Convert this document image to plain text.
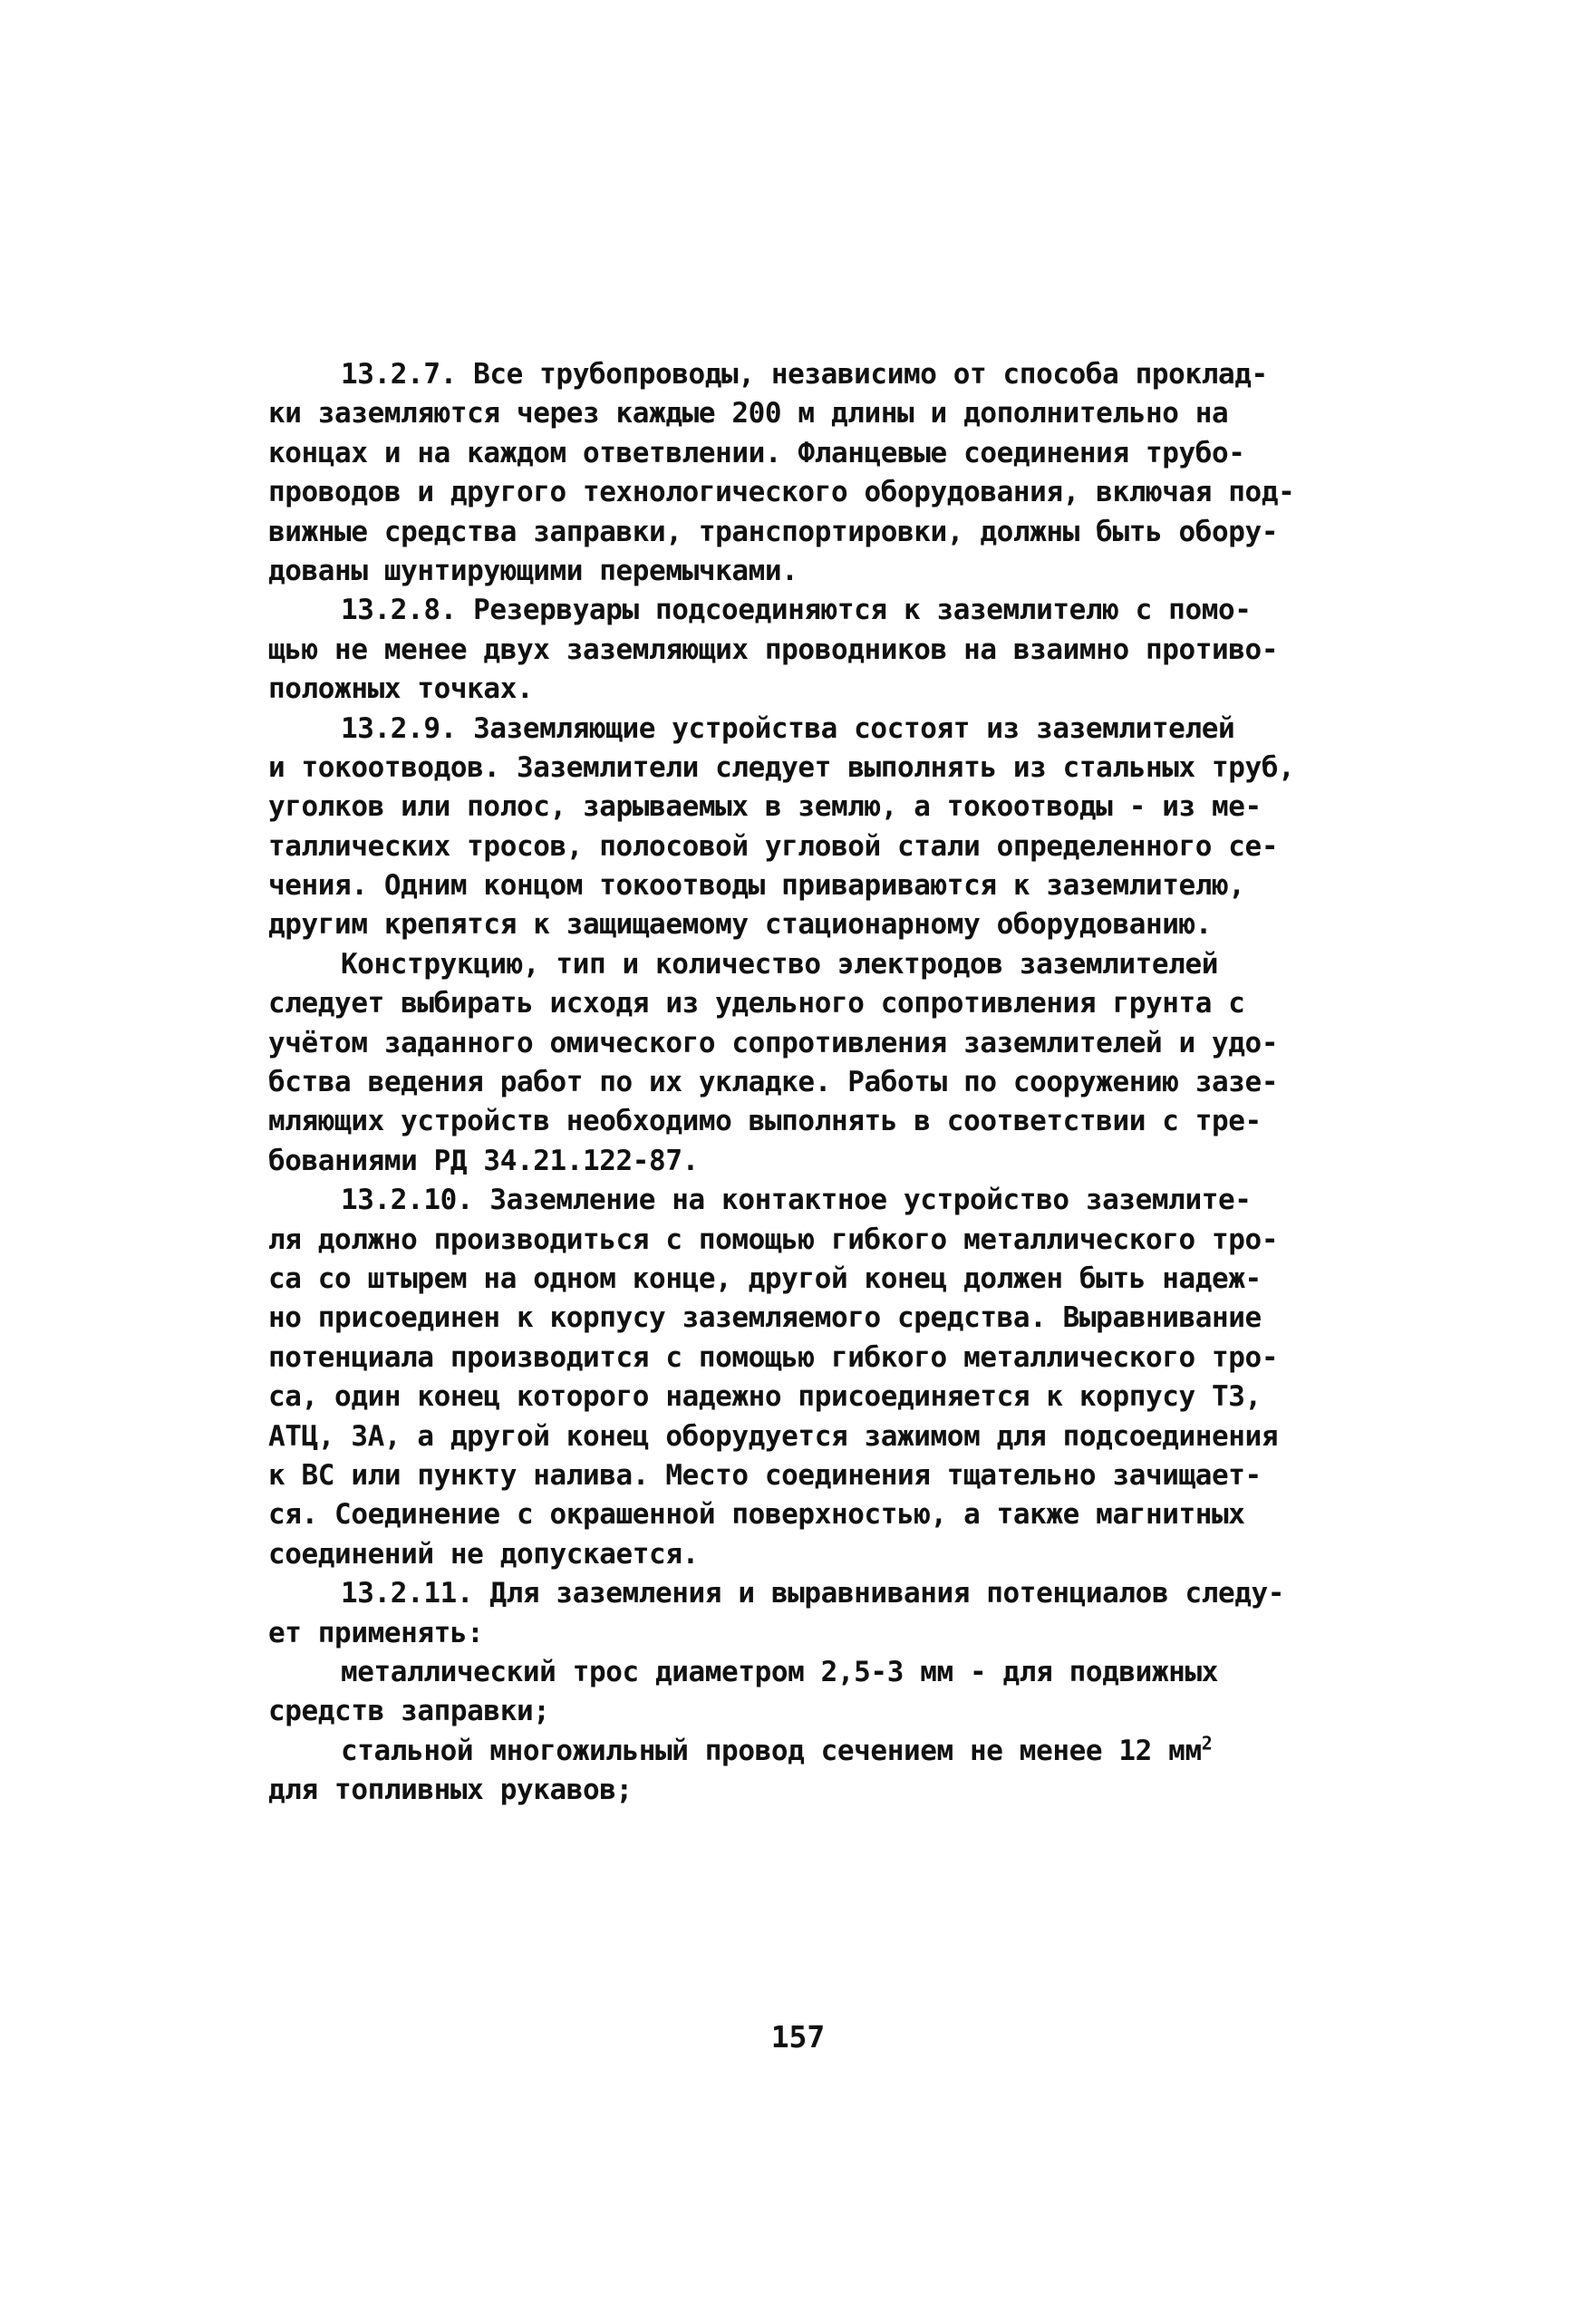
13.2.7. Все трубопроводы, независимо от способа проклад-
ки заземляются через каждые 200 м длины и дополнительно на
концах и на каждом ответвлении. Фланцевые соединения трубо-
проводов и другого технологического оборудования, включая под-
вижные средства заправки, транспортировки, должны быть обору-
дованы шунтирующими перемычками.
13.2.8. Резервуары подсоединяются к заземлителю с помо-
щью не менее двух заземляющих проводников на взаимно противо-
положных точках.
13.2.9. Заземляющие устройства состоят из заземлителей
и токоотводов. Заземлители следует выполнять из стальных труб,
уголков или полос, зарываемых в землю, а токоотводы - из ме-
таллических тросов, полосовой угловой стали определенного се-
чения. Одним концом токоотводы привариваются к заземлителю,
другим крепятся к защищаемому стационарному оборудованию.
Конструкцию, тип и количество электродов заземлителей
следует выбирать исходя из удельного сопротивления грунта с
учётом заданного омического сопротивления заземлителей и удо-
бства ведения работ по их укладке. Работы по сооружению зазе-
мляющих устройств необходимо выполнять в соответствии с тре-
бованиями РД 34.21.122-87.
13.2.10. Заземление на контактное устройство заземлите-
ля должно производиться с помощью гибкого металлического тро-
са со штырем на одном конце, другой конец должен быть надеж-
но присоединен к корпусу заземляемого средства. Выравнивание
потенциала производится с помощью гибкого металлического тро-
са, один конец которого надежно присоединяется к корпусу ТЗ,
АТЦ, ЗА, а другой конец оборудуется зажимом для подсоединения
к ВС или пункту налива. Место соединения тщательно зачищает-
ся. Соединение с окрашенной поверхностью, а также магнитных
соединений не допускается.
13.2.11. Для заземления и выравнивания потенциалов следу-
ет применять:
металлический трос диаметром 2,5-3 мм - для подвижных
средств заправки;
стальной многожильный провод сечением не менее 12 $мм^2$
для топливных рукавов;
157
